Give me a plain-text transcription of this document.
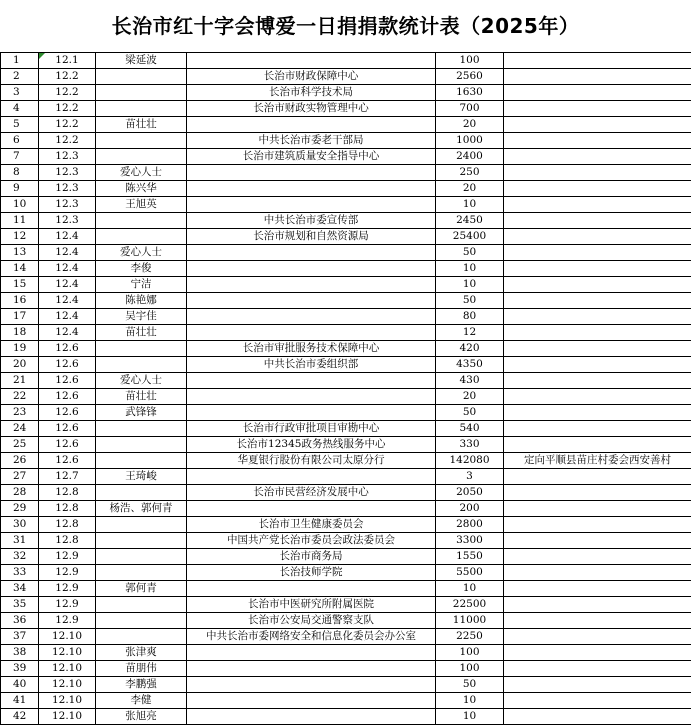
长治市红十字会博爱一日捐捐款统计表（2025年）
1	12.1	梁延波		100	
2	12.2		长治市财政保障中心	2560	
3	12.2		长治市科学技术局	1630	
4	12.2		长治市财政实物管理中心	700	
5	12.2	苗壮壮		20	
6	12.2		中共长治市委老干部局	1000	
7	12.3		长治市建筑质量安全指导中心	2400	
8	12.3	爱心人士		250	
9	12.3	陈兴华		20	
10	12.3	王旭英		10	
11	12.3		中共长治市委宣传部	2450	
12	12.4		长治市规划和自然资源局	25400	
13	12.4	爱心人士		50	
14	12.4	李俊		10	
15	12.4	宁洁		10	
16	12.4	陈艳娜		50	
17	12.4	吴宇佳		80	
18	12.4	苗壮壮		12	
19	12.6		长治市审批服务技术保障中心	420	
20	12.6		中共长治市委组织部	4350	
21	12.6	爱心人士		430	
22	12.6	苗壮壮		20	
23	12.6	武锋锋		50	
24	12.6		长治市行政审批项目审勘中心	540	
25	12.6		长治市12345政务热线服务中心	330	
26	12.6		华夏银行股份有限公司太原分行	142080	定向平顺县苗庄村委会西安善村
27	12.7	王琦峻		3	
28	12.8		长治市民营经济发展中心	2050	
29	12.8	杨浩、郭何青		200	
30	12.8		长治市卫生健康委员会	2800	
31	12.8		中国共产党长治市委员会政法委员会	3300	
32	12.9		长治市商务局	1550	
33	12.9		长治技师学院	5500	
34	12.9	郭何青		10	
35	12.9		长治市中医研究所附属医院	22500	
36	12.9		长治市公安局交通警察支队	11000	
37	12.10		中共长治市委网络安全和信息化委员会办公室	2250	
38	12.10	张津爽		100	
39	12.10	苗朋伟		100	
40	12.10	李鹏强		50	
41	12.10	李健		10	
42	12.10	张旭亮		10	
